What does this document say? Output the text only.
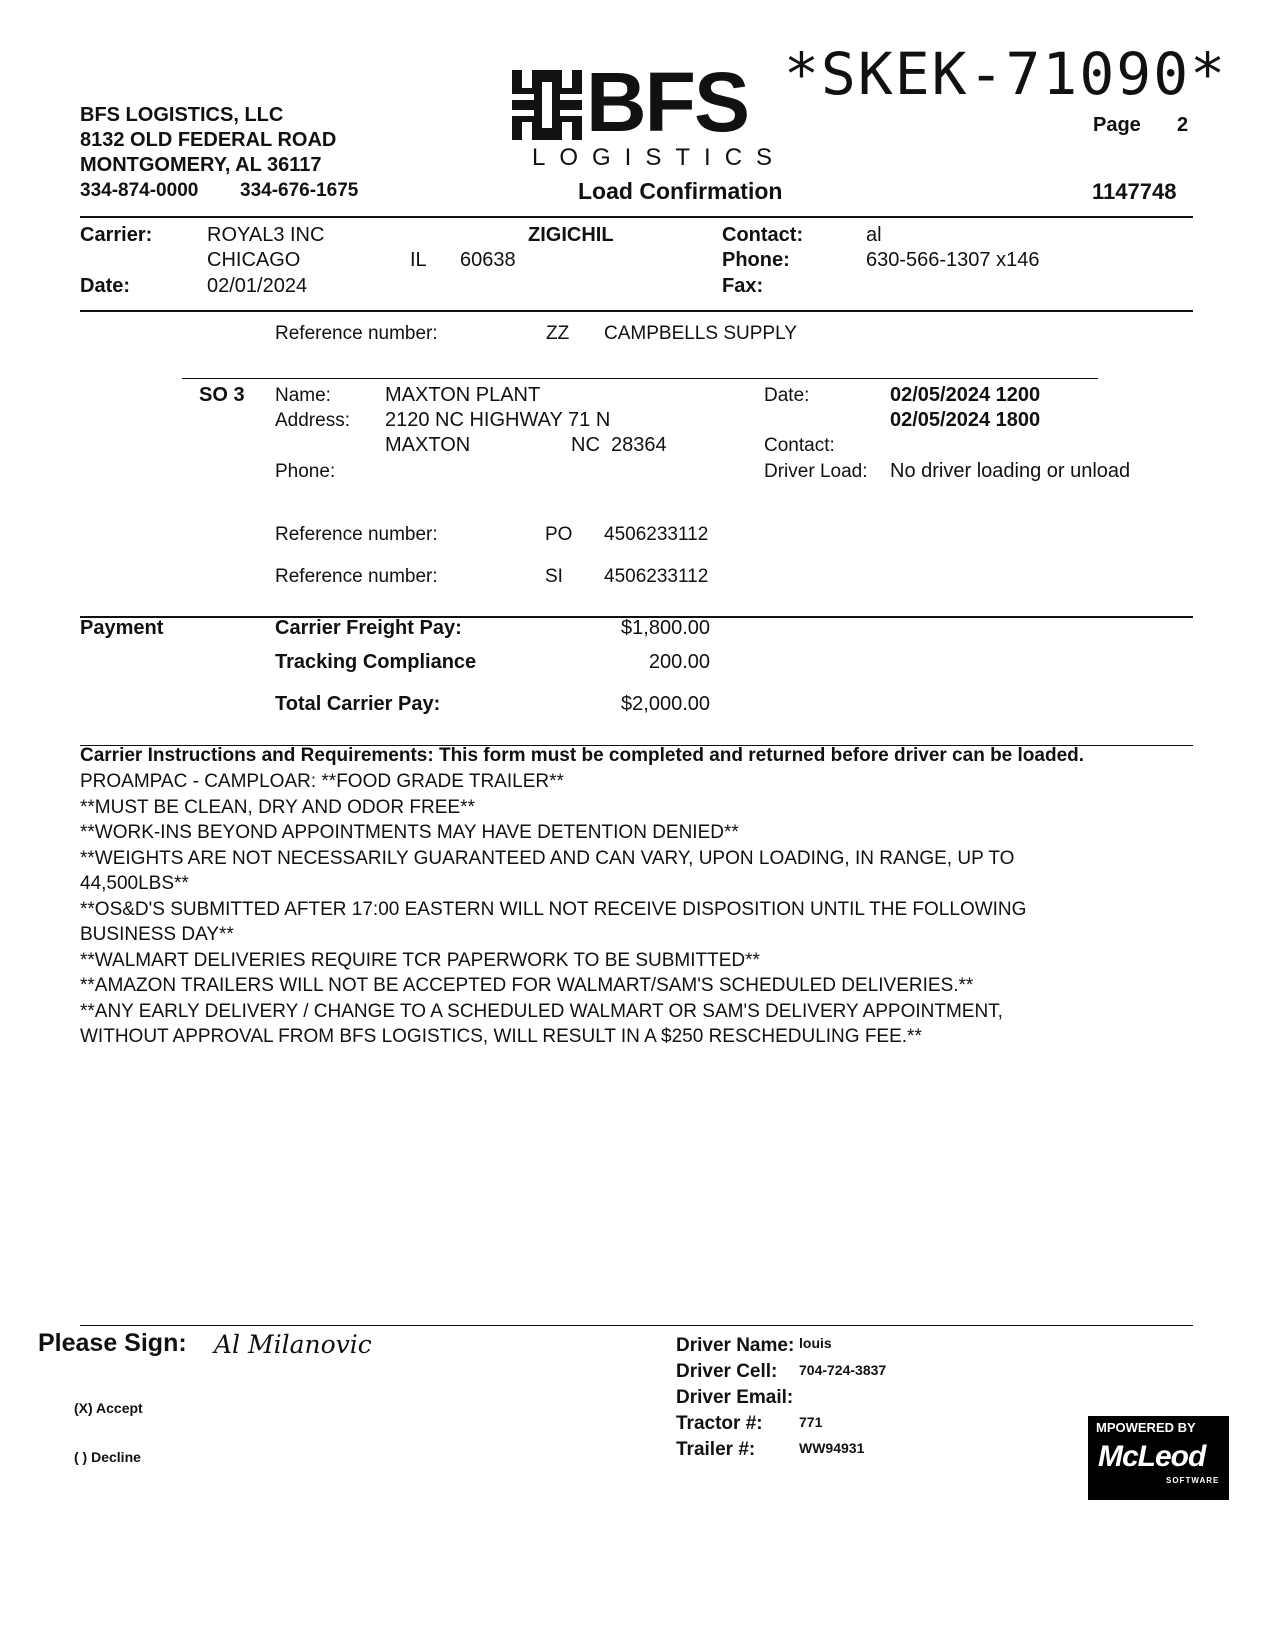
BFS LOGISTICS, LLC
8132 OLD FEDERAL ROAD
MONTGOMERY, AL 36117
334-874-0000 334-676-1675
BFS
LOGISTICS
*SKEK-71090*
Page 2
Load Confirmation	1147748
Carrier:	ROYAL3 INC	ZIGICHIL
CHICAGO	IL 60638
Date:	02/01/2024
Contact:	al
Phone:	630-566-1307 x146
Fax:
Reference number:	ZZ CAMPBELLS SUPPLY
SO 3 Name:	MAXTON PLANT
Address: 2120 NC HIGHWAY 71 N
MAXTON	NC  28364
Phone:
Date:	02/05/2024 1200
02/05/2024 1800
Contact:
Driver Load: No driver loading or unload
Reference number:	PO 4506233112
Reference number:	SI 4506233112
Payment	Carrier Freight Pay:	$1,800.00
Tracking Compliance	200.00
Total Carrier Pay:	$2,000.00
Carrier Instructions and Requirements: This form must be completed and returned before driver can be loaded.
PROAMPAC - CAMPLOAR: **FOOD GRADE TRAILER**
**MUST BE CLEAN, DRY AND ODOR FREE**
**WORK-INS BEYOND APPOINTMENTS MAY HAVE DETENTION DENIED**
**WEIGHTS ARE NOT NECESSARILY GUARANTEED AND CAN VARY, UPON LOADING, IN RANGE, UP TO
44,500LBS**
**OS&D'S SUBMITTED AFTER 17:00 EASTERN WILL NOT RECEIVE DISPOSITION UNTIL THE FOLLOWING
BUSINESS DAY**
**WALMART DELIVERIES REQUIRE TCR PAPERWORK TO BE SUBMITTED**
**AMAZON TRAILERS WILL NOT BE ACCEPTED FOR WALMART/SAM'S SCHEDULED DELIVERIES.**
**ANY EARLY DELIVERY / CHANGE TO A SCHEDULED WALMART OR SAM'S DELIVERY APPOINTMENT,
WITHOUT APPROVAL FROM BFS LOGISTICS, WILL RESULT IN A $250 RESCHEDULING FEE.**
Please Sign: Al Milanovic
(X) Accept
( ) Decline
Driver Name: louis
Driver Cell: 704-724-3837
Driver Email:
Tractor #:	771
Trailer #:	WW94931
MPOWERED BY
McLeod
SOFTWARE
